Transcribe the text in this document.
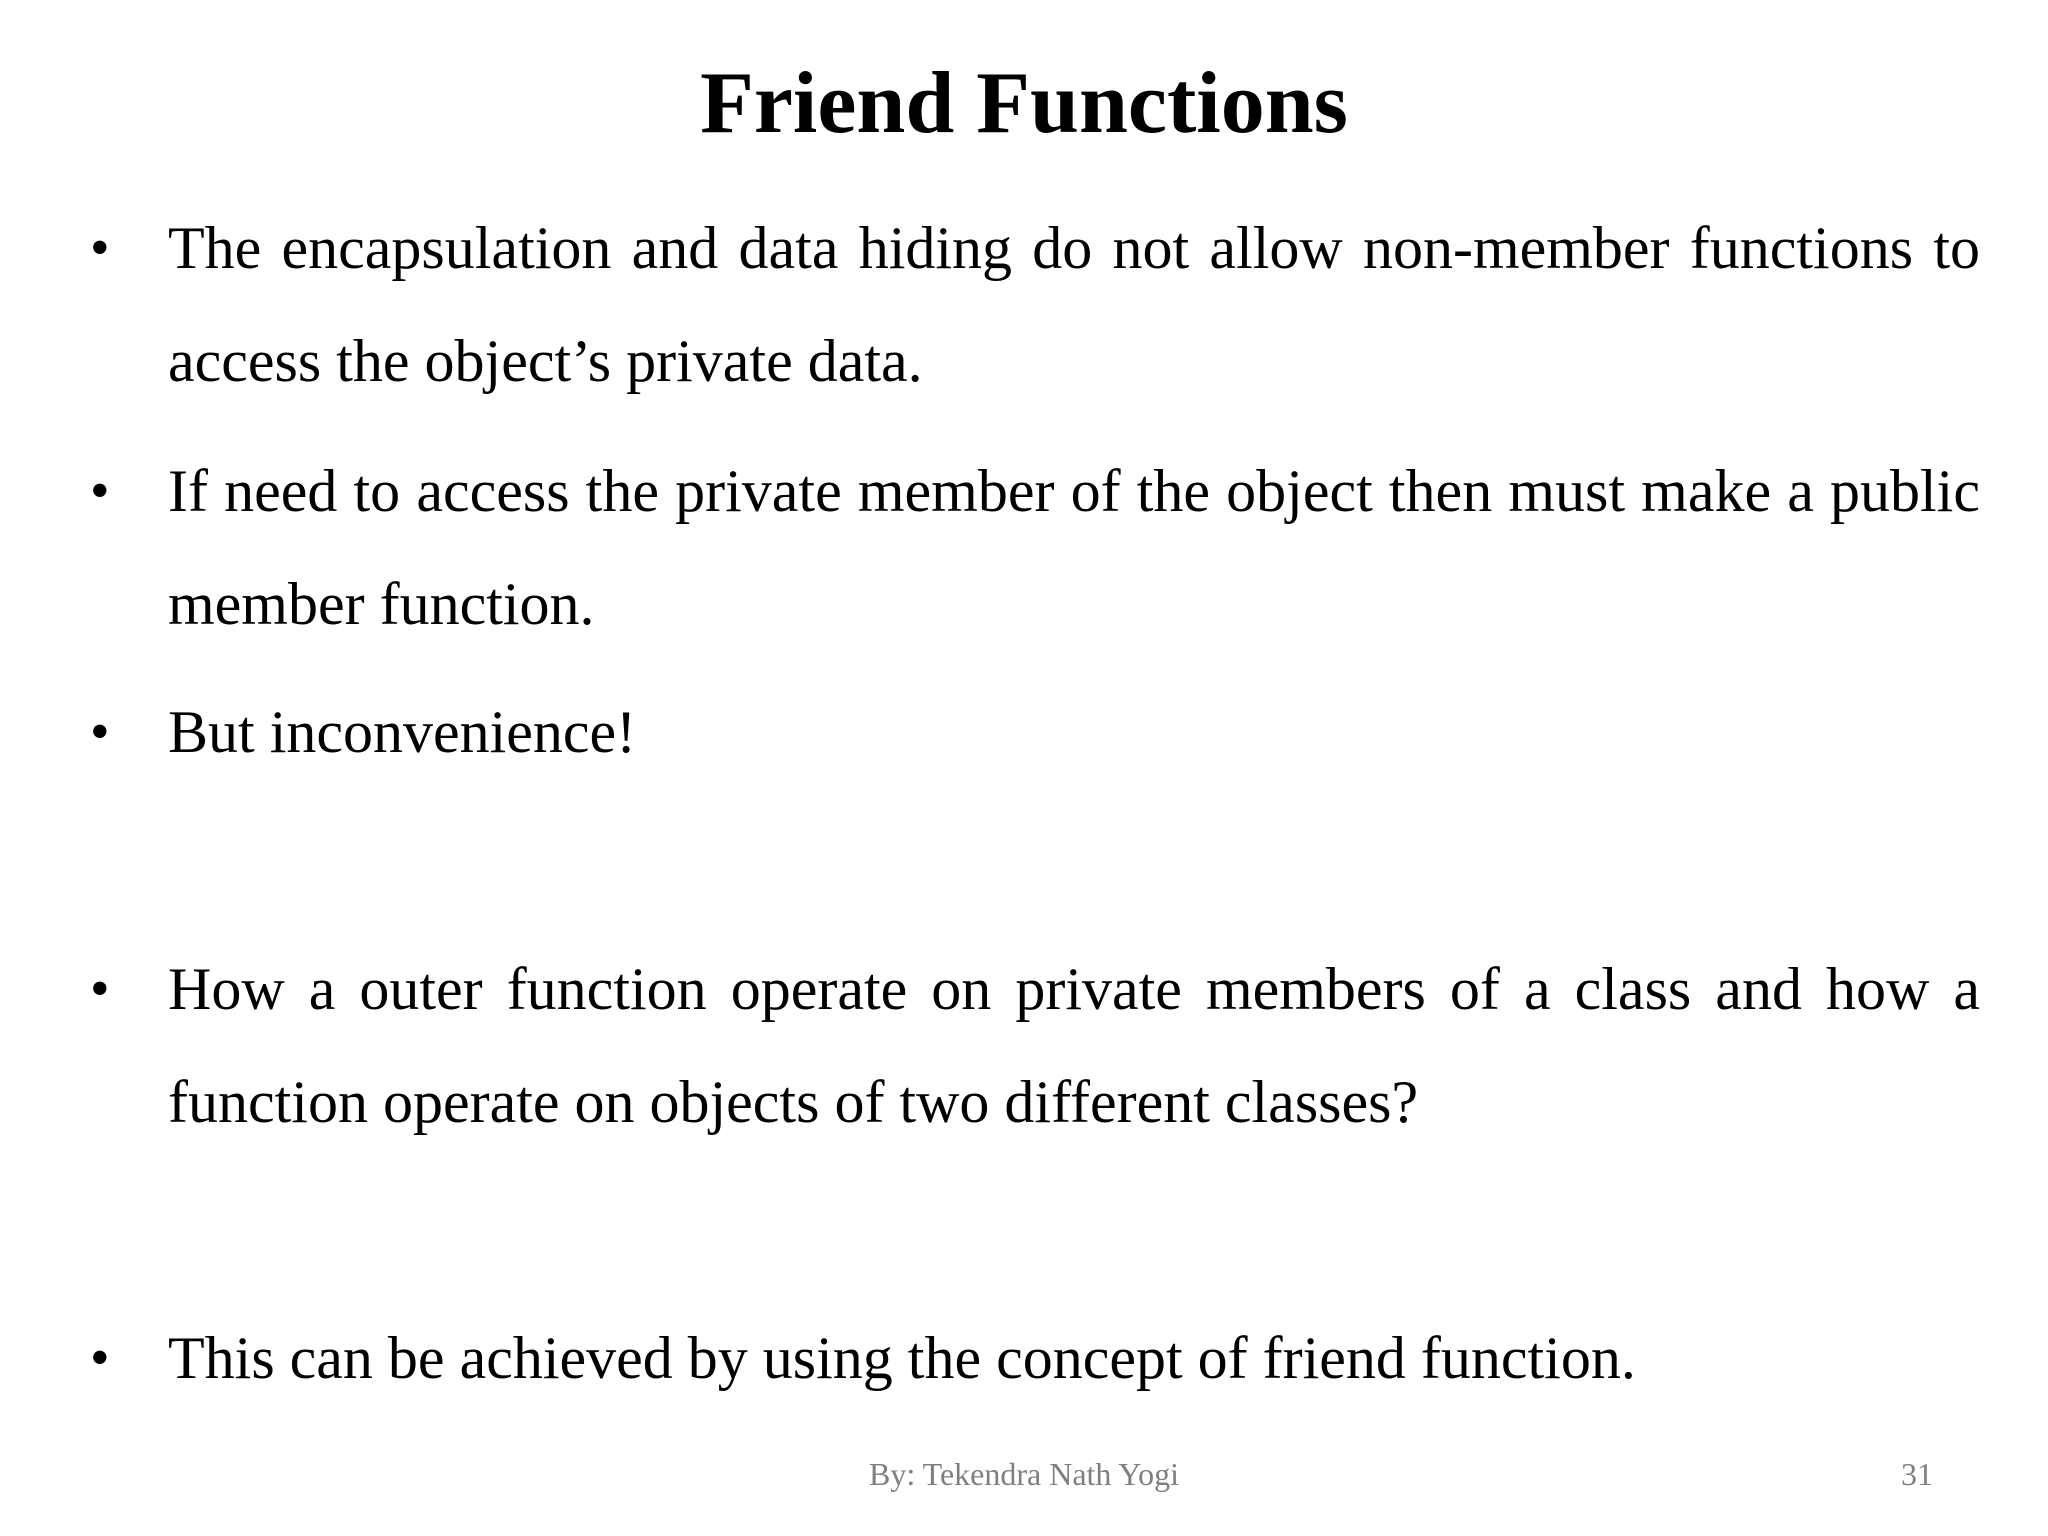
Friend Functions
• The encapsulation and data hiding do not allow non-member functions to access the object’s private data.
• If need to access the private member of the object then must make a public member function.
• But inconvenience!
• How a outer function operate on private members of a class and how a function operate on objects of two different classes?
• This can be achieved by using the concept of friend function.
By: Tekendra Nath Yogi	31
